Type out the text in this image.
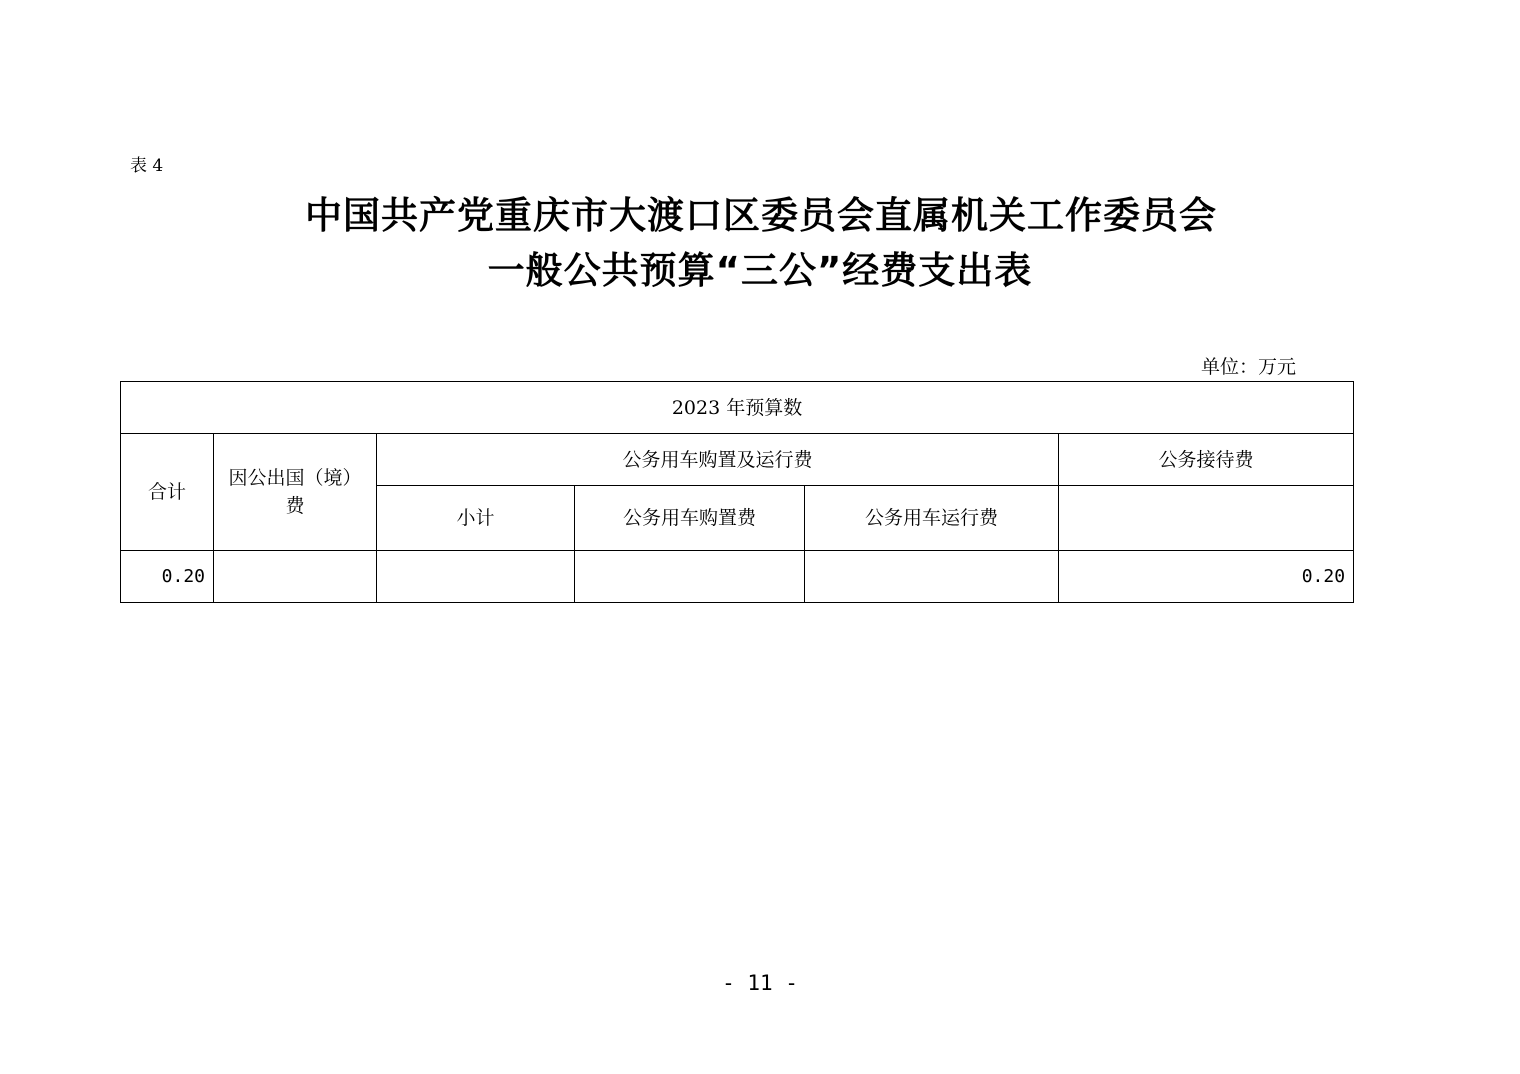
表 4
中国共产党重庆市大渡口区委员会直属机关工作委员会
一般公共预算“三公”经费支出表
单位：万元
2023 年预算数					
合计	因公出国（境）费	公务用车购置及运行费			公务接待费
		小计	公务用车购置费	公务用车运行费	
0.20					0.20
- 11 -
